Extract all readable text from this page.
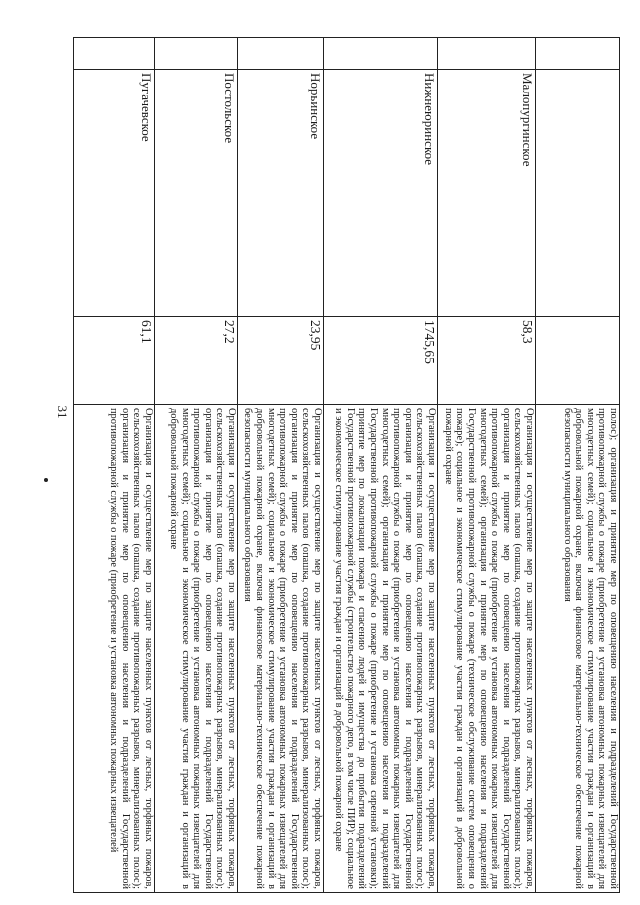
31
				полос); организация и принятие мер по оповещению населения и подразделений Государственной противопожарной службы о пожаре (приобретение и установка автономных пожарных извещателей для многодетных семей); социальное и экономическое стимулирование участия граждан и организаций в добровольной пожарной охране, включая финансовое материально-техническое обеспечение пожарной безопасности муниципального образования
	Малопургинское	58,3	Организация и осуществление мер по защите населенных пунктов от лесных, торфяных пожаров, сельскохозяйственных палов (опашка, создание противопожарных разрывов, минерализованных полос); организация и принятие мер по оповещению населения и подразделений Государственной противопожарной службы о пожаре (приобретение и установка автономных пожарных извещателей для многодетных семей); организация и принятие мер по оповещению населения и подразделений Государственной противопожарной службы о пожаре (техническое обслуживание систем оповещения о пожаре); социальное и экономическое стимулирование участия граждан и организаций в добровольной пожарной охране
	Нижнеюринское	1745,65	Организация и осуществление мер по защите населенных пунктов от лесных, торфяных пожаров, сельскохозяйственных палов (опашка, создание противопожарных разрывов, минерализованных полос); организация и принятие мер по оповещению населения и подразделений Государственной противопожарной службы о пожаре (приобретение и установка автономных пожарных извещателей для многодетных семей); организация и принятие мер по оповещению населения и подразделений Государственной противопожарной службы о пожаре (приобретение и установка сиренной установки); принятие мер по локализации пожара и спасению людей и имущества до прибытия подразделений Государственной противопожарной службы (строительство пожарного депо, в том числе ПИР); социальное и экономическое стимулирование участия граждан и организаций в добровольной пожарной охране
	Норьинское	23,95	Организация и осуществление мер по защите населенных пунктов от лесных, торфяных пожаров, сельскохозяйственных палов (опашка, создание противопожарных разрывов, минерализованных полос); организация и принятие мер по оповещению населения и подразделений Государственной противопожарной службы о пожаре (приобретение и установка автономных пожарных извещателей для многодетных семей); социальное и экономическое стимулирование участия граждан и организаций в добровольной пожарной охране, включая финансовое материально-техническое обеспечение пожарной безопасности муниципального образования
	Постольское	27,2	Организация и осуществление мер по защите населенных пунктов от лесных, торфяных пожаров, сельскохозяйственных палов (опашка, создание противопожарных разрывов, минерализованных полос); организация и принятие мер по оповещению населения и подразделений Государственной противопожарной службы о пожаре (приобретение и установка автономных пожарных извещателей для многодетных семей); социальное и экономическое стимулирование участия граждан и организаций в добровольной пожарной охране
	Пугачевское	61,1	Организация и осуществление мер по защите населенных пунктов от лесных, торфяных пожаров, сельскохозяйственных палов (опашка, создание противопожарных разрывов, минерализованных полос); организация и принятие мер по оповещению населения и подразделений Государственной противопожарной службы о пожаре (приобретение и установка автономных пожарных извещателей
